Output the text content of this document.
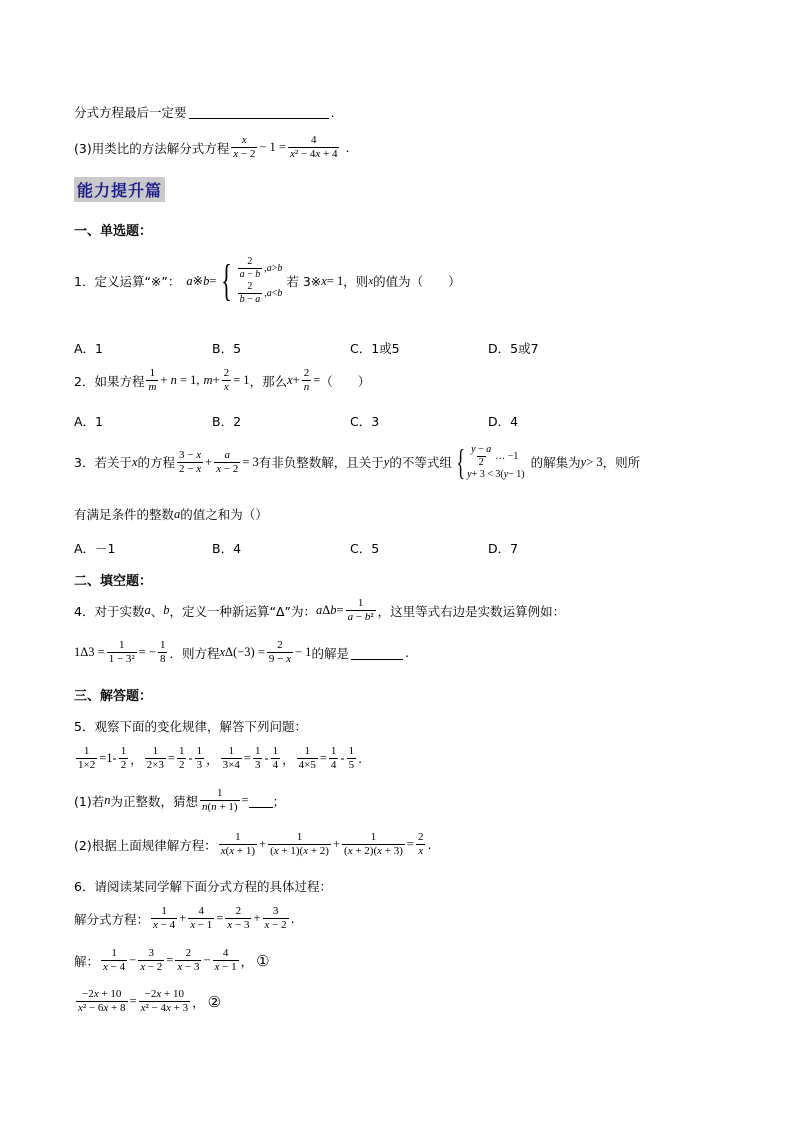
分式方程最后一定要	.
(3)用类比的方法解分式方程
x
$x - 2 - 1 = \frac{4}{\text{x² − 4x + 4}}$ .
能力提升篇
一、单选题：
1．定义运算“※”： a ※ b = { 2
a − b
, a > b
2
b − a
, a < b
若 3※ x = 1 ，则 x 的值为（　　）
A．1	B．5	C．1或5	D．5或7
2．如果方程
1
m + n = 1, $m + \frac{2}{x} = 1$ ，那么 $x + \frac{2}{n}$ = （　　）
A．1	B．2	C．3	D．4
3．若关于 x 的方程
3 − x
$2 - x + \frac{a}{x - 2} = 3$ 有非负整数解，且关于 y 的不等式组 { y − a
2
… −1
y + 3 < 3( y − 1)
的解集为 y > 3 ，则所
有满足条件的整数 a 的值之和为（）
A．－1	B．4	C．5	D．7
二、填空题：
4．对于实数 a 、 b ，定义一种新运算“Δ”为： a Δ $b = \frac{1}{\text{a − b²}}$ ，这里等式右边是实数运算例如：
$1\Delta 3 = \frac{1}{\text{1 − 3²}}$ = − $\frac{1}{8}$ ．则方程 x $\Delta(-3) = \frac{2}{9 - x} - 1$ 的解是	.
三、解答题：
5．观察下面的变化规律，解答下列问题：
$\frac{1}{1\times 2} =1-$ 1
2 ， $\frac{1}{2\times 3} = \frac{1}{2} - 1$
3 ， $\frac{1}{3\times 4} = \frac{1}{3} - 1$
4 ， $\frac{1}{4\times 5} = \frac{1}{4} - 1$
5 .
(1)若 n 为正整数，猜想 $\frac{1}{n(n + 1)}$ = ；
(2)根据上面规律解方程：
1
$x(x + 1) + \frac{1}{(x + 1)(x + 2)} + \frac{1}{(x + 2)(x + 3)} = \frac{2}{x}$ .
6．请阅读某同学解下面分式方程的具体过程：
解分式方程：
1
$x - 4 + \frac{4}{x - 1} = \frac{2}{x - 3} + \frac{3}{x - 2}$ .
解：
1
$x - 4 - \frac{3}{x - 2} = \frac{2}{x - 3} - \frac{4}{x - 1}$ ， ①
$\frac{-2x + 10}{\text{x² − 6x + 8}} = \frac{-2x + 10}{\text{x² − 4x + 3}}$ ， ②
